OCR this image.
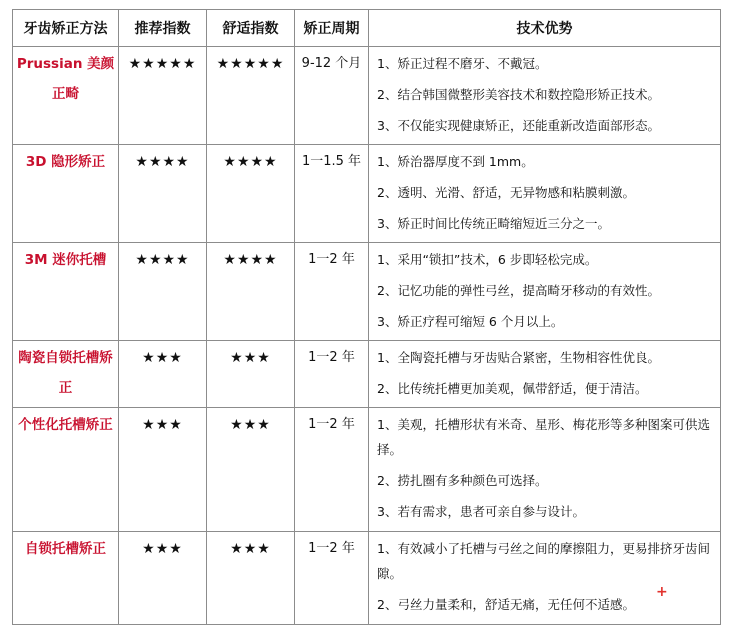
牙齿矫正方法	推荐指数	舒适指数	矫正周期	技术优势
Prussian 美颜正畸	★★★★★	★★★★★	9-12 个月	1、矫正过程不磨牙、不戴冠。

2、结合韩国微整形美容技术和数控隐形矫正技术。

3、不仅能实现健康矫正，还能重新改造面部形态。

3D 隐形矫正	★★★★	★★★★	1一1.5 年	1、矫治器厚度不到 1mm。

2、透明、光滑、舒适，无异物感和粘膜刺激。

3、矫正时间比传统正畸缩短近三分之一。

3M 迷你托槽	★★★★	★★★★	1一2 年	1、采用“锁扣”技术，6 步即轻松完成。

2、记忆功能的弹性弓丝，提高畸牙移动的有效性。

3、矫正疗程可缩短 6 个月以上。

陶瓷自锁托槽矫正	★★★	★★★	1一2 年	1、全陶瓷托槽与牙齿贴合紧密，生物相容性优良。

2、比传统托槽更加美观，佩带舒适，便于清洁。

个性化托槽矫正	★★★	★★★	1一2 年	1、美观，托槽形状有米奇、星形、梅花形等多种图案可供选择。

2、捞扎圈有多种颜色可选择。

3、若有需求，患者可亲自参与设计。

自锁托槽矫正	★★★	★★★	1一2 年	1、有效减小了托槽与弓丝之间的摩擦阻力，更易排挤牙齿间隙。

2、弓丝力量柔和，舒适无痛，无任何不适感。

+
